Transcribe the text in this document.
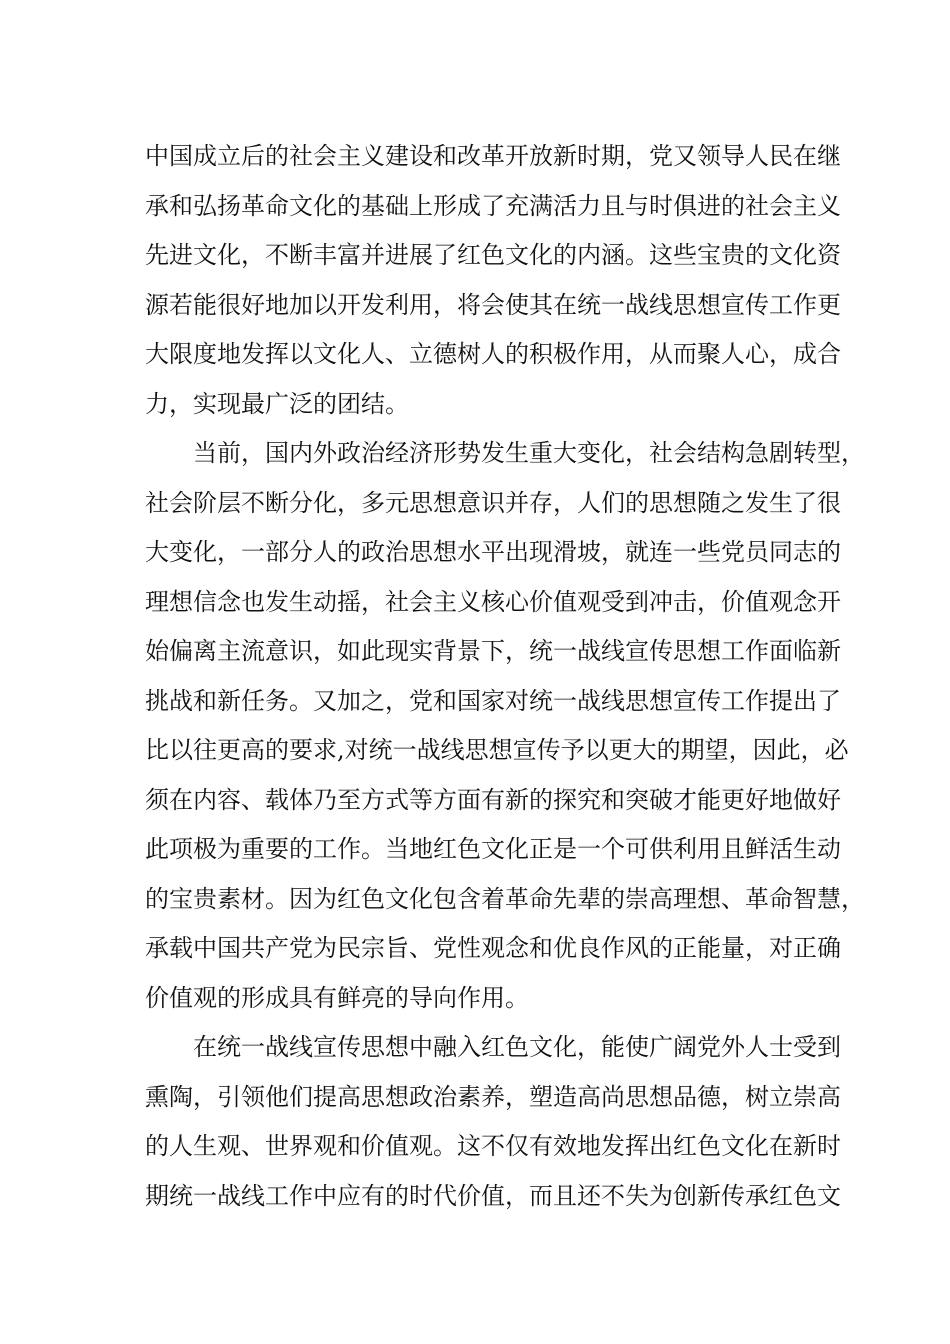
中国成立后的社会主义建设和改革开放新时期，党又领导人民在继
承和弘扬革命文化的基础上形成了充满活力且与时俱进的社会主义
先进文化，不断丰富并进展了红色文化的内涵。这些宝贵的文化资
源若能很好地加以开发利用，将会使其在统一战线思想宣传工作更
大限度地发挥以文化人、立德树人的积极作用，从而聚人心，成合
力，实现最广泛的团结。
当前，国内外政治经济形势发生重大变化，社会结构急剧转型，
社会阶层不断分化，多元思想意识并存，人们的思想随之发生了很
大变化，一部分人的政治思想水平出现滑坡，就连一些党员同志的
理想信念也发生动摇，社会主义核心价值观受到冲击，价值观念开
始偏离主流意识，如此现实背景下，统一战线宣传思想工作面临新
挑战和新任务。又加之，党和国家对统一战线思想宣传工作提出了
比以往更高的要求,对统一战线思想宣传予以更大的期望，因此，必
须在内容、载体乃至方式等方面有新的探究和突破才能更好地做好
此项极为重要的工作。当地红色文化正是一个可供利用且鲜活生动
的宝贵素材。因为红色文化包含着革命先辈的崇高理想、革命智慧，
承载中国共产党为民宗旨、党性观念和优良作风的正能量，对正确
价值观的形成具有鲜亮的导向作用。
在统一战线宣传思想中融入红色文化，能使广阔党外人士受到
熏陶，引领他们提高思想政治素养，塑造高尚思想品德，树立崇高
的人生观、世界观和价值观。这不仅有效地发挥出红色文化在新时
期统一战线工作中应有的时代价值，而且还不失为创新传承红色文
